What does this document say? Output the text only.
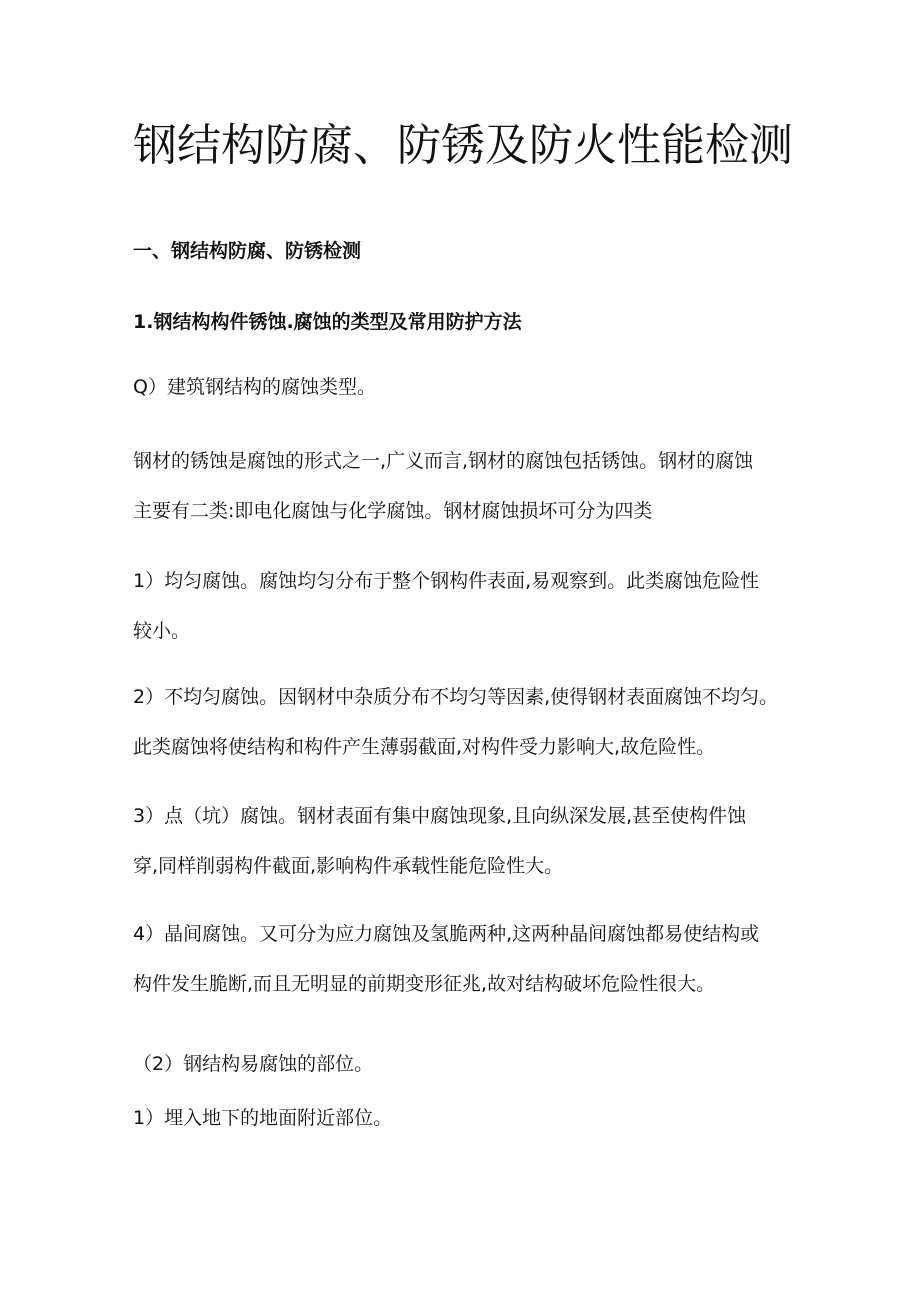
钢结构防腐、防锈及防火性能检测
一、钢结构防腐、防锈检测
1.钢结构构件锈蚀.腐蚀的类型及常用防护方法
Q）建筑钢结构的腐蚀类型。
钢材的锈蚀是腐蚀的形式之一,广义而言,钢材的腐蚀包括锈蚀。钢材的腐蚀
主要有二类:即电化腐蚀与化学腐蚀。钢材腐蚀损坏可分为四类
1）均匀腐蚀。腐蚀均匀分布于整个钢构件表面,易观察到。此类腐蚀危险性
较小。
2）不均匀腐蚀。因钢材中杂质分布不均匀等因素,使得钢材表面腐蚀不均匀。
此类腐蚀将使结构和构件产生薄弱截面,对构件受力影响大,故危险性。
3）点（坑）腐蚀。钢材表面有集中腐蚀现象,且向纵深发展,甚至使构件蚀
穿,同样削弱构件截面,影响构件承载性能危险性大。
4）晶间腐蚀。又可分为应力腐蚀及氢脆两种,这两种晶间腐蚀都易使结构或
构件发生脆断,而且无明显的前期变形征兆,故对结构破坏危险性很大。
（2）钢结构易腐蚀的部位。
1）埋入地下的地面附近部位。
